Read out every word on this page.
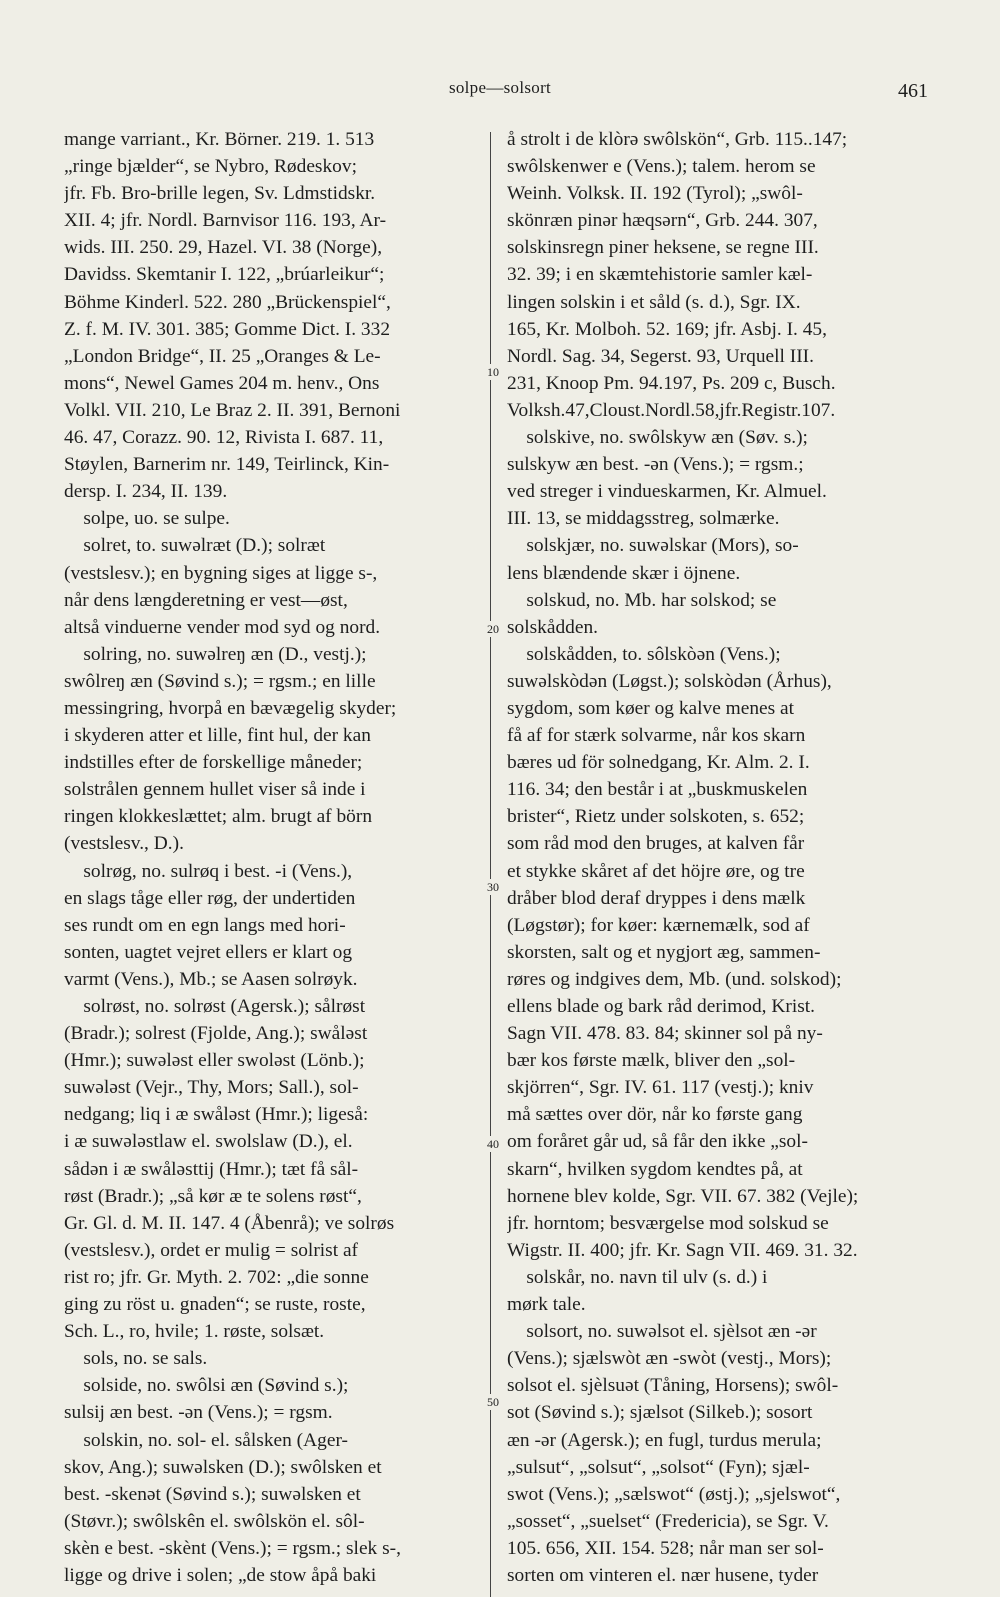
solpe—solsort	461
10
20
30
40
50
mange varriant., Kr. Börner. 219. 1. 513
„ringe bjælder“, se Nybro, Rødeskov;
jfr. Fb. Bro-brille legen, Sv. Ldmstidskr.
XII. 4; jfr. Nordl. Barnvisor 116. 193, Ar-
wids. III. 250. 29, Hazel. VI. 38 (Norge),
Davidss. Skemtanir I. 122, „brúarleikur“;
Böhme Kinderl. 522. 280 „Brückenspiel“,
Z. f. M. IV. 301. 385; Gomme Dict. I. 332
„London Bridge“, II. 25 „Oranges & Le-
mons“, Newel Games 204 m. henv., Ons
Volkl. VII. 210, Le Braz 2. II. 391, Bernoni
46. 47, Corazz. 90. 12, Rivista I. 687. 11,
Støylen, Barnerim nr. 149, Teirlinck, Kin-
dersp. I. 234, II. 139.
solpe, uo. se sulpe.
solret, to. suwəlræt (D.); solræt
(vestslesv.); en bygning siges at ligge s-,
når dens længderetning er vest—øst,
altså vinduerne vender mod syd og nord.
solring, no. suwəlreŋ æn (D., vestj.);
swôlreŋ æn (Søvind s.); = rgsm.; en lille
messingring, hvorpå en bævægelig skyder;
i skyderen atter et lille, fint hul, der kan
indstilles efter de forskellige måneder;
solstrålen gennem hullet viser så inde i
ringen klokkeslættet; alm. brugt af börn
(vestslesv., D.).
solrøg, no. sulrøq i best. -i (Vens.),
en slags tåge eller røg, der undertiden
ses rundt om en egn langs med hori-
sonten, uagtet vejret ellers er klart og
varmt (Vens.), Mb.; se Aasen solrøyk.
solrøst, no. solrøst (Agersk.); sålrøst
(Bradr.); solrest (Fjolde, Ang.); swåləst
(Hmr.); suwələst eller swoləst (Lönb.);
suwələst (Vejr., Thy, Mors; Sall.), sol-
nedgang; liq i æ swåləst (Hmr.); ligeså:
i æ suwələstlaw el. swolslaw (D.), el.
sådən i æ swåləsttij (Hmr.); tæt få sål-
røst (Bradr.); „så kør æ te solens røst“,
Gr. Gl. d. M. II. 147. 4 (Åbenrå); ve solrøs
(vestslesv.), ordet er mulig = solrist af
rist ro; jfr. Gr. Myth. 2. 702: „die sonne
ging zu röst u. gnaden“; se ruste, roste,
Sch. L., ro, hvile; 1. røste, solsæt.
sols, no. se sals.
solside, no. swôlsi æn (Søvind s.);
sulsij æn best. -ən (Vens.); = rgsm.
solskin, no. sol- el. sålsken (Ager-
skov, Ang.); suwəlsken (D.); swôlsken et
best. -skenət (Søvind s.); suwəlsken et
(Støvr.); swôlskên el. swôlskön el. sôl-
skèn e best. -skènt (Vens.); = rgsm.; slek s-,
ligge og drive i solen; „de stow åpå baki
å strolt i de klòrə swôlskön“, Grb. 115..147;
swôlskenwer e (Vens.); talem. herom se
Weinh. Volksk. II. 192 (Tyrol); „swôl-
skönræn pinər hæqsərn“, Grb. 244. 307,
solskinsregn piner heksene, se regne III.
32. 39; i en skæmtehistorie samler kæl-
lingen solskin i et såld (s. d.), Sgr. IX.
165, Kr. Molboh. 52. 169; jfr. Asbj. I. 45,
Nordl. Sag. 34, Segerst. 93, Urquell III.
231, Knoop Pm. 94.197, Ps. 209 c, Busch.
Volksh.47,Cloust.Nordl.58,jfr.Registr.107.
solskive, no. swôlskyw æn (Søv. s.);
sulskyw æn best. -ən (Vens.); = rgsm.;
ved streger i vindueskarmen, Kr. Almuel.
III. 13, se middagsstreg, solmærke.
solskjær, no. suwəlskar (Mors), so-
lens blændende skær i öjnene.
solskud, no. Mb. har solskod; se
solskådden.
solskådden, to. sôlskòən (Vens.);
suwəlskòdən (Løgst.); solskòdən (Århus),
sygdom, som køer og kalve menes at
få af for stærk solvarme, når kos skarn
bæres ud för solnedgang, Kr. Alm. 2. I.
116. 34; den består i at „buskmuskelen
brister“, Rietz under solskoten, s. 652;
som råd mod den bruges, at kalven får
et stykke skåret af det höjre øre, og tre
dråber blod deraf dryppes i dens mælk
(Løgstør); for køer: kærnemælk, sod af
skorsten, salt og et nygjort æg, sammen-
røres og indgives dem, Mb. (und. solskod);
ellens blade og bark råd derimod, Krist.
Sagn VII. 478. 83. 84; skinner sol på ny-
bær kos første mælk, bliver den „sol-
skjörren“, Sgr. IV. 61. 117 (vestj.); kniv
må sættes over dör, når ko første gang
om foråret går ud, så får den ikke „sol-
skarn“, hvilken sygdom kendtes på, at
hornene blev kolde, Sgr. VII. 67. 382 (Vejle);
jfr. horntom; besværgelse mod solskud se
Wigstr. II. 400; jfr. Kr. Sagn VII. 469. 31. 32.
solskår, no. navn til ulv (s. d.) i
mørk tale.
solsort, no. suwəlsot el. sjèlsot æn -ər
(Vens.); sjælswòt æn -swòt (vestj., Mors);
solsot el. sjèlsuət (Tåning, Horsens); swôl-
sot (Søvind s.); sjælsot (Silkeb.); sosort
æn -ər (Agersk.); en fugl, turdus merula;
„sulsut“, „solsut“, „solsot“ (Fyn); sjæl-
swot (Vens.); „sælswot“ (østj.); „sjelswot“,
„sosset“, „suelset“ (Fredericia), se Sgr. V.
105. 656, XII. 154. 528; når man ser sol-
sorten om vinteren el. nær husene, tyder
